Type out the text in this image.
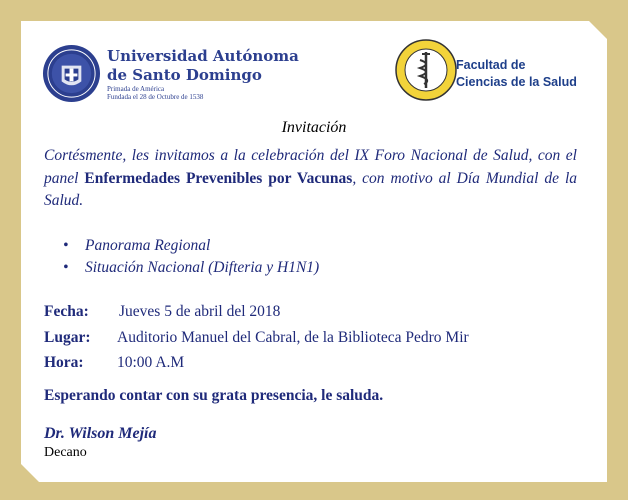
Universidad Autónoma
de Santo Domingo
Primada de América
Fundada el 28 de Octubre de 1538
Facultad de
Ciencias de la Salud
Invitación
Cortésmente, les invitamos a la celebración del IX Foro Nacional de Salud, con el panel Enfermedades Prevenibles por Vacunas, con motivo al Día Mundial de la Salud.
• Panorama Regional
• Situación Nacional (Difteria y H1N1)
Fecha: Jueves 5 de abril del 2018
Lugar: Auditorio Manuel del Cabral, de la Biblioteca Pedro Mir
Hora: 10:00 A.M
Esperando contar con su grata presencia, le saluda.
Dr. Wilson Mejía
Decano
